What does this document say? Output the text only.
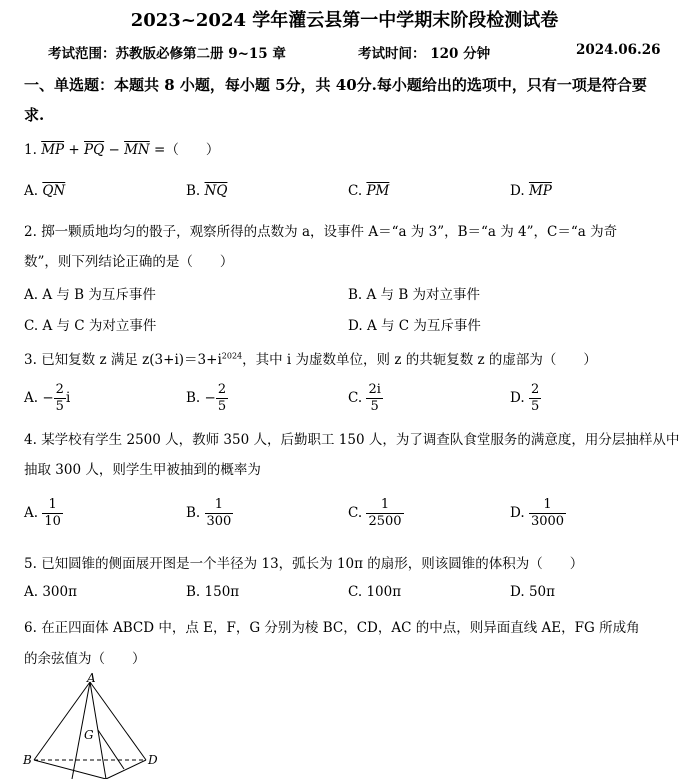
2023~2024 学年灌云县第一中学期末阶段检测试卷
考试范围：苏教版必修第二册 9~15 章	考试时间： 120 分钟	2024.06.26
一、单选题：本题共 8 小题，每小题 5分，共 40分.每小题给出的选项中，只有一项是符合要
求.
1. $\overline{MP} + \overline{PQ} - \overline{MN}$ =（　　）
A. $\overline{QN}$	B. $\overline{NQ}$	C. $\overline{PM}$	D. $\overline{MP}$
2. 掷一颗质地均匀的骰子，观察所得的点数为 a，设事件 A＝“a 为 3”，B＝“a 为 4”，C＝“a 为奇
数”，则下列结论正确的是（　　）
A. A 与 B 为互斥事件	B. A 与 B 为对立事件
C. A 与 C 为对立事件	D. A 与 C 为互斥事件
3. 已知复数 z 满足 $z(3+i)=3+i^{2024}$，其中 i 为虚数单位，则 z 的共轭复数 z 的虚部为（　　）
A. − $\frac{2}{5}$ i	B. − $\frac{2}{5}$	C. $\frac{2i}{5}$	D. $\frac{2}{5}$
4. 某学校有学生 2500 人，教师 350 人，后勤职工 150 人，为了调查队食堂服务的满意度，用分层抽样从中
抽取 300 人，则学生甲被抽到的概率为
A. $\frac{1}{10}$	B. $\frac{1}{300}$	C. $\frac{1}{2500}$	D. $\frac{1}{3000}$
5. 已知圆锥的侧面展开图是一个半径为 13，弧长为 10π 的扇形，则该圆锥的体积为（　　）
A. 300π	B. 150π	C. 100π	D. 50π
6. 在正四面体 ABCD 中，点 E，F，G 分别为棱 BC，CD，AC 的中点，则异面直线 AE，FG 所成角
的余弦值为（　　）
A
G
B	D
